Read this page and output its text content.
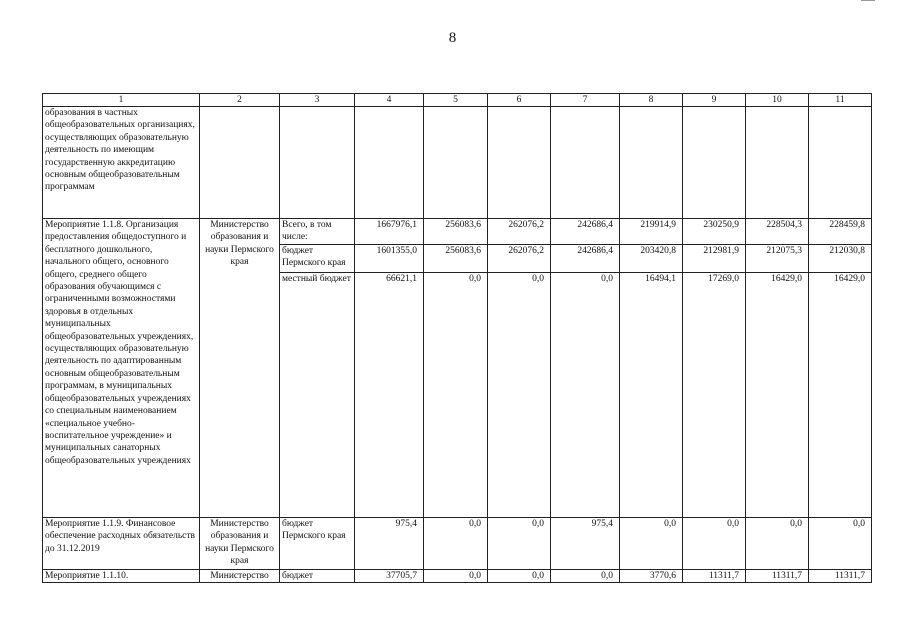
8
1	2	3	4	5	6	7	8	9	10	11
образования в частных общеобразовательных организациях, осуществляющих образовательную деятельность по имеющим государственную аккредитацию основным общеобразовательным программам										
Мероприятие 1.1.8. Организация предоставления общедоступного и бесплатного дошкольного, начального общего, основного общего, среднего общего образования обучающимся с ограниченными возможностями здоровья в отдельных муниципальных общеобразовательных учреждениях, осуществляющих образовательную деятельность по адаптированным основным общеобразовательным программам, в муниципальных общеобразовательных учреждениях со специальным наименованием «специальное учебно-воспитательное учреждение» и муниципальных санаторных общеобразовательных учреждениях	Министерство образования и науки Пермского края	Всего, в том числе:	1667976,1	256083,6	262076,2	242686,4	219914,9	230250,9	228504,3	228459,8
		бюджет Пермского края	1601355,0	256083,6	262076,2	242686,4	203420,8	212981,9	212075,3	212030,8
		местный бюджет	66621,1	0,0	0,0	0,0	16494,1	17269,0	16429,0	16429,0
Мероприятие 1.1.9. Финансовое обеспечение расходных обязательств до 31.12.2019	Министерство образования и науки Пермского края	бюджет Пермского края	975,4	0,0	0,0	975,4	0,0	0,0	0,0	0,0
Мероприятие 1.1.10.	Министерство	бюджет	37705,7	0,0	0,0	0,0	3770,6	11311,7	11311,7	11311,7
